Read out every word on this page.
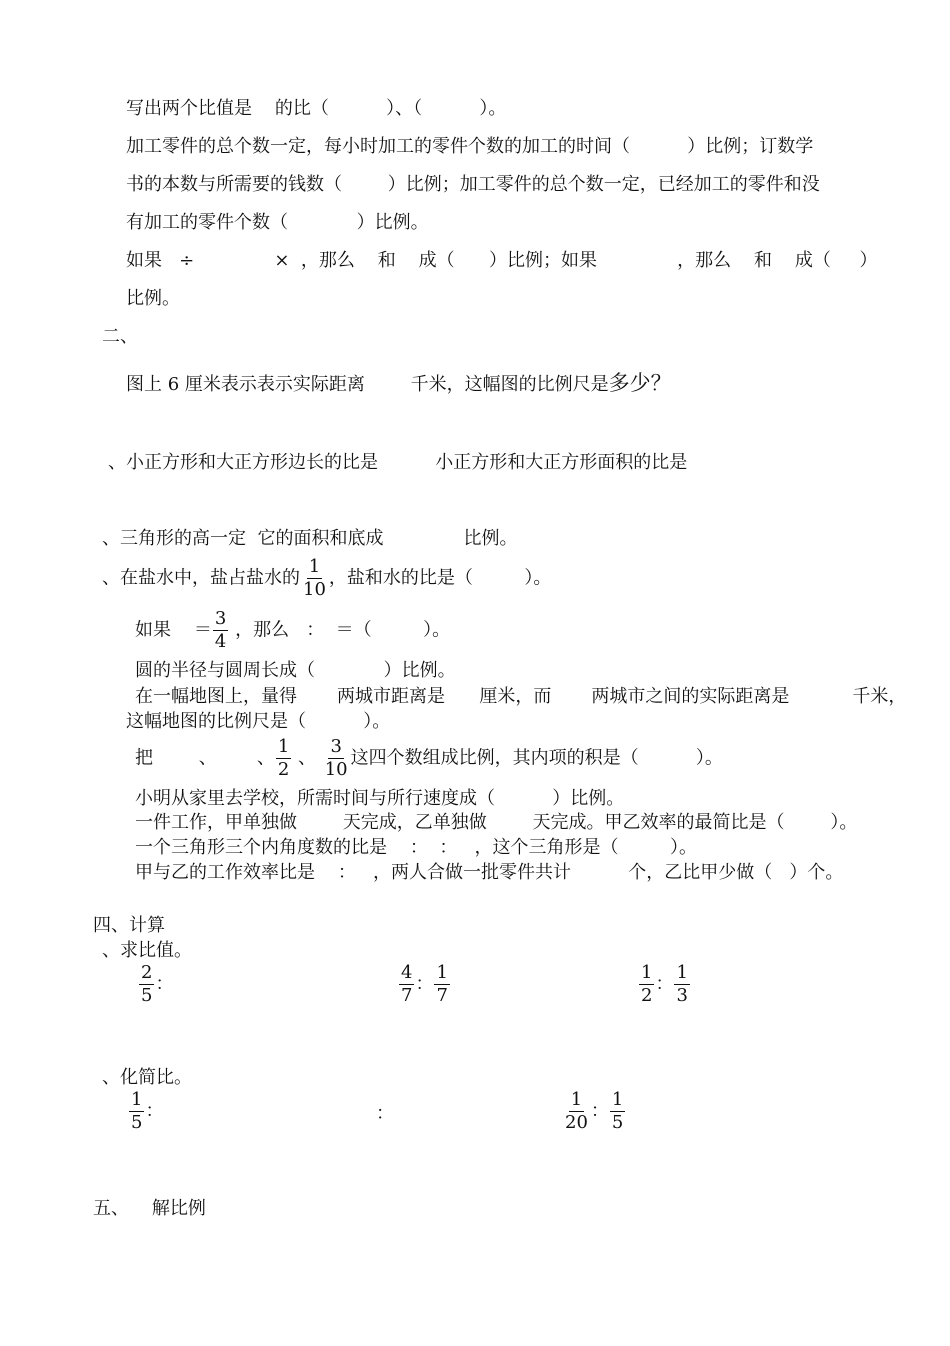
写出两个比值是    的比（          ）、（          ）。
加工零件的总个数一定，每小时加工的零件个数的加工的时间（          ）比例；订数学
书的本数与所需要的钱数（        ）比例；加工零件的总个数一定，已经加工的零件和没
有加工的零件个数（            ）比例。
如果   ÷              ×  ，那么    和    成（      ）比例；如果              ，那么    和    成（     ）
比例。
二、
图上 6 厘米表示表示实际距离        千米，这幅图的比例尺是多少？
、小正方形和大正方形边长的比是          小正方形和大正方形面积的比是
、三角形的高一定  它的面积和底成              比例。
、在盐水中，盐占盐水的 $\frac{1}{10}$ ，盐和水的比是（         ）。
如果    ＝ $\frac{3}{4}$ ，那么   ：  ＝（         ）。
圆的半径与圆周长成（            ）比例。
在一幅地图上，量得       两城市距离是      厘米，而       两城市之间的实际距离是           千米，
这幅地图的比例尺是（          ）。
把        、       、 $\frac{1}{2}$ 、 $\frac{3}{10}$ 这四个数组成比例，其内项的积是（          ）。
小明从家里去学校，所需时间与所行速度成（          ）比例。
一件工作，甲单独做        天完成，乙单独做        天完成。甲乙效率的最简比是（        ）。
一个三角形三个内角度数的比是    ：  ：   ，这个三角形是（         ）。
甲与乙的工作效率比是    ：   ，两人合做一批零件共计          个，乙比甲少做（   ）个。
四、计算
、求比值。
$\frac{2}{5}$ ：	$\frac{4}{7}$ ： $\frac{1}{7}$	$\frac{1}{2}$ ： $\frac{1}{3}$
、化简比。
$\frac{1}{5}$ ：	：	$\frac{1}{20}$ ： $\frac{1}{5}$
五、    解比例
